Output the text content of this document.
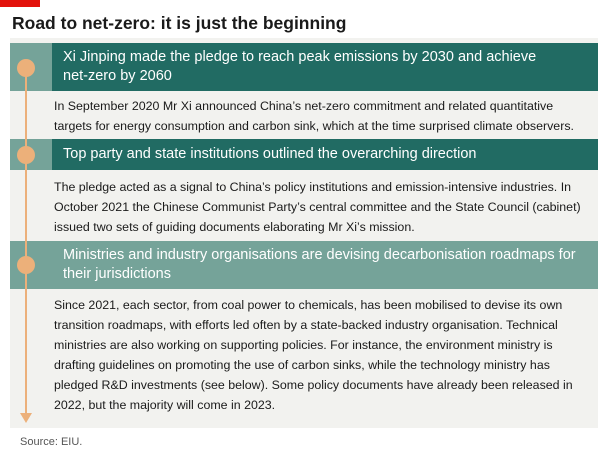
Road to net-zero: it is just the beginning
Xi Jinping made the pledge to reach peak emissions by 2030 and achieve
net-zero by 2060
Top party and state institutions outlined the overarching direction
Ministries and industry organisations are devising decarbonisation roadmaps for
their jurisdictions
In September 2020 Mr Xi announced China’s net-zero commitment and related quantitative
targets for energy consumption and carbon sink, which at the time surprised climate observers.
The pledge acted as a signal to China’s policy institutions and emission-intensive industries. In
October 2021 the Chinese Communist Party’s central committee and the State Council (cabinet)
issued two sets of guiding documents elaborating Mr Xi’s mission.
Since 2021, each sector, from coal power to chemicals, has been mobilised to devise its own
transition roadmaps, with efforts led often by a state-backed industry organisation. Technical
ministries are also working on supporting policies. For instance, the environment ministry is
drafting guidelines on promoting the use of carbon sinks, while the technology ministry has
pledged R&D investments (see below). Some policy documents have already been released in
2022, but the majority will come in 2023.
Source: EIU.
